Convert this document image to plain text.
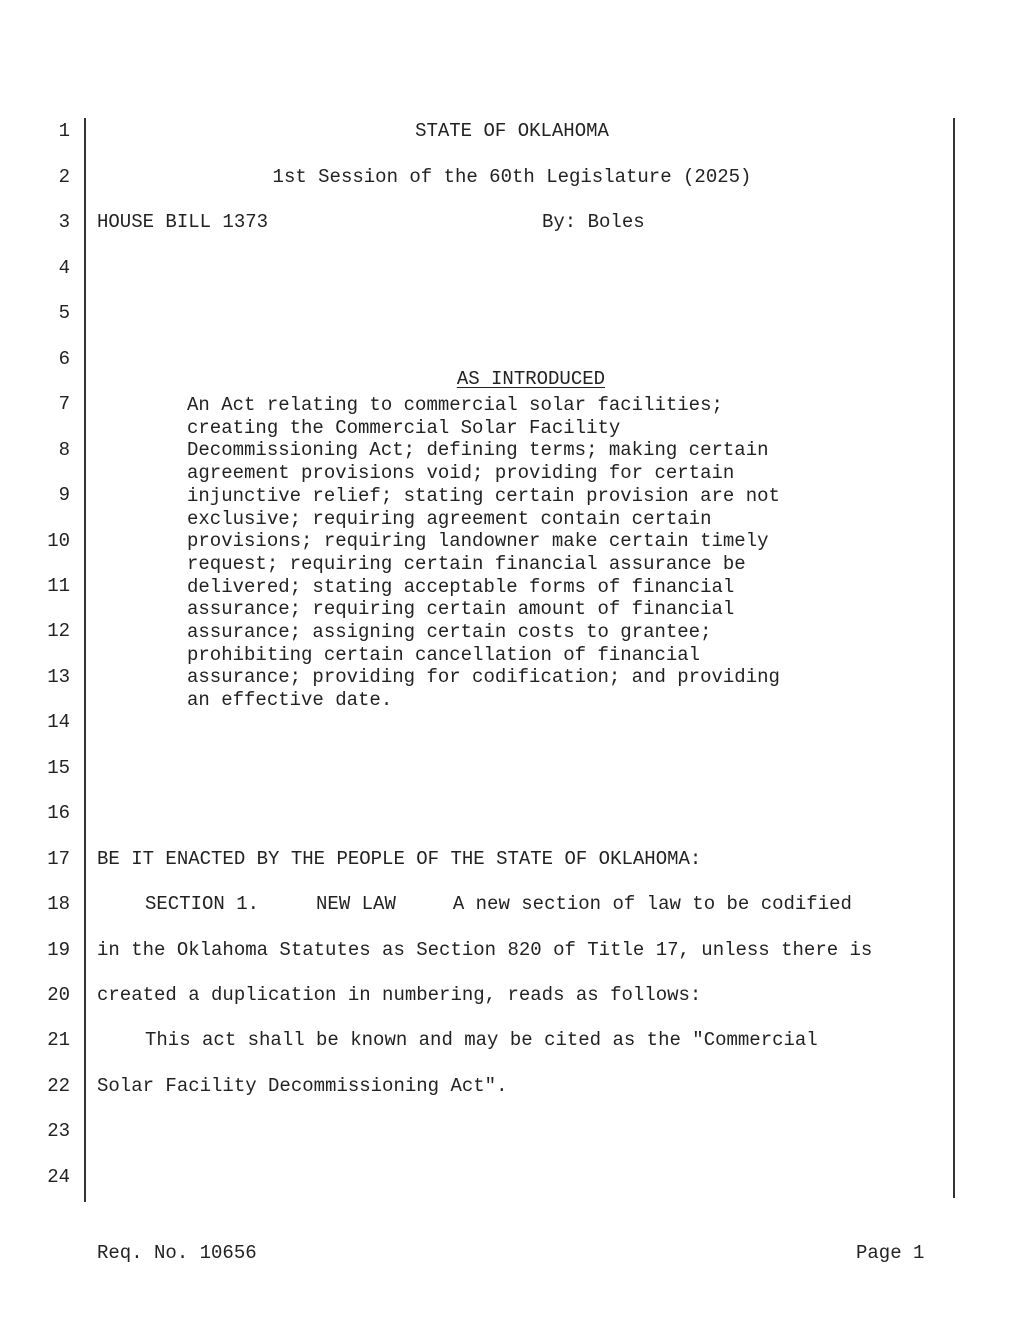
1
2
3
4
5
6
7
8
9
10
11
12
13
14
15
16
17
18
19
20
21
22
23
24
STATE OF OKLAHOMA
1st Session of the 60th Legislature (2025)
HOUSE BILL 1373	By: Boles

AS INTRODUCED

An Act relating to commercial solar facilities;
creating the Commercial Solar Facility
Decommissioning Act; defining terms; making certain
agreement provisions void; providing for certain
injunctive relief; stating certain provision are not
exclusive; requiring agreement contain certain
provisions; requiring landowner make certain timely
request; requiring certain financial assurance be
delivered; stating acceptable forms of financial
assurance; requiring certain amount of financial
assurance; assigning certain costs to grantee;
prohibiting certain cancellation of financial
assurance; providing for codification; and providing
an effective date.
BE IT ENACTED BY THE PEOPLE OF THE STATE OF OKLAHOMA:
SECTION 1.     NEW LAW     A new section of law to be codified
in the Oklahoma Statutes as Section 820 of Title 17, unless there is
created a duplication in numbering, reads as follows:
This act shall be known and may be cited as the "Commercial
Solar Facility Decommissioning Act".
Req. No. 10656	Page 1
